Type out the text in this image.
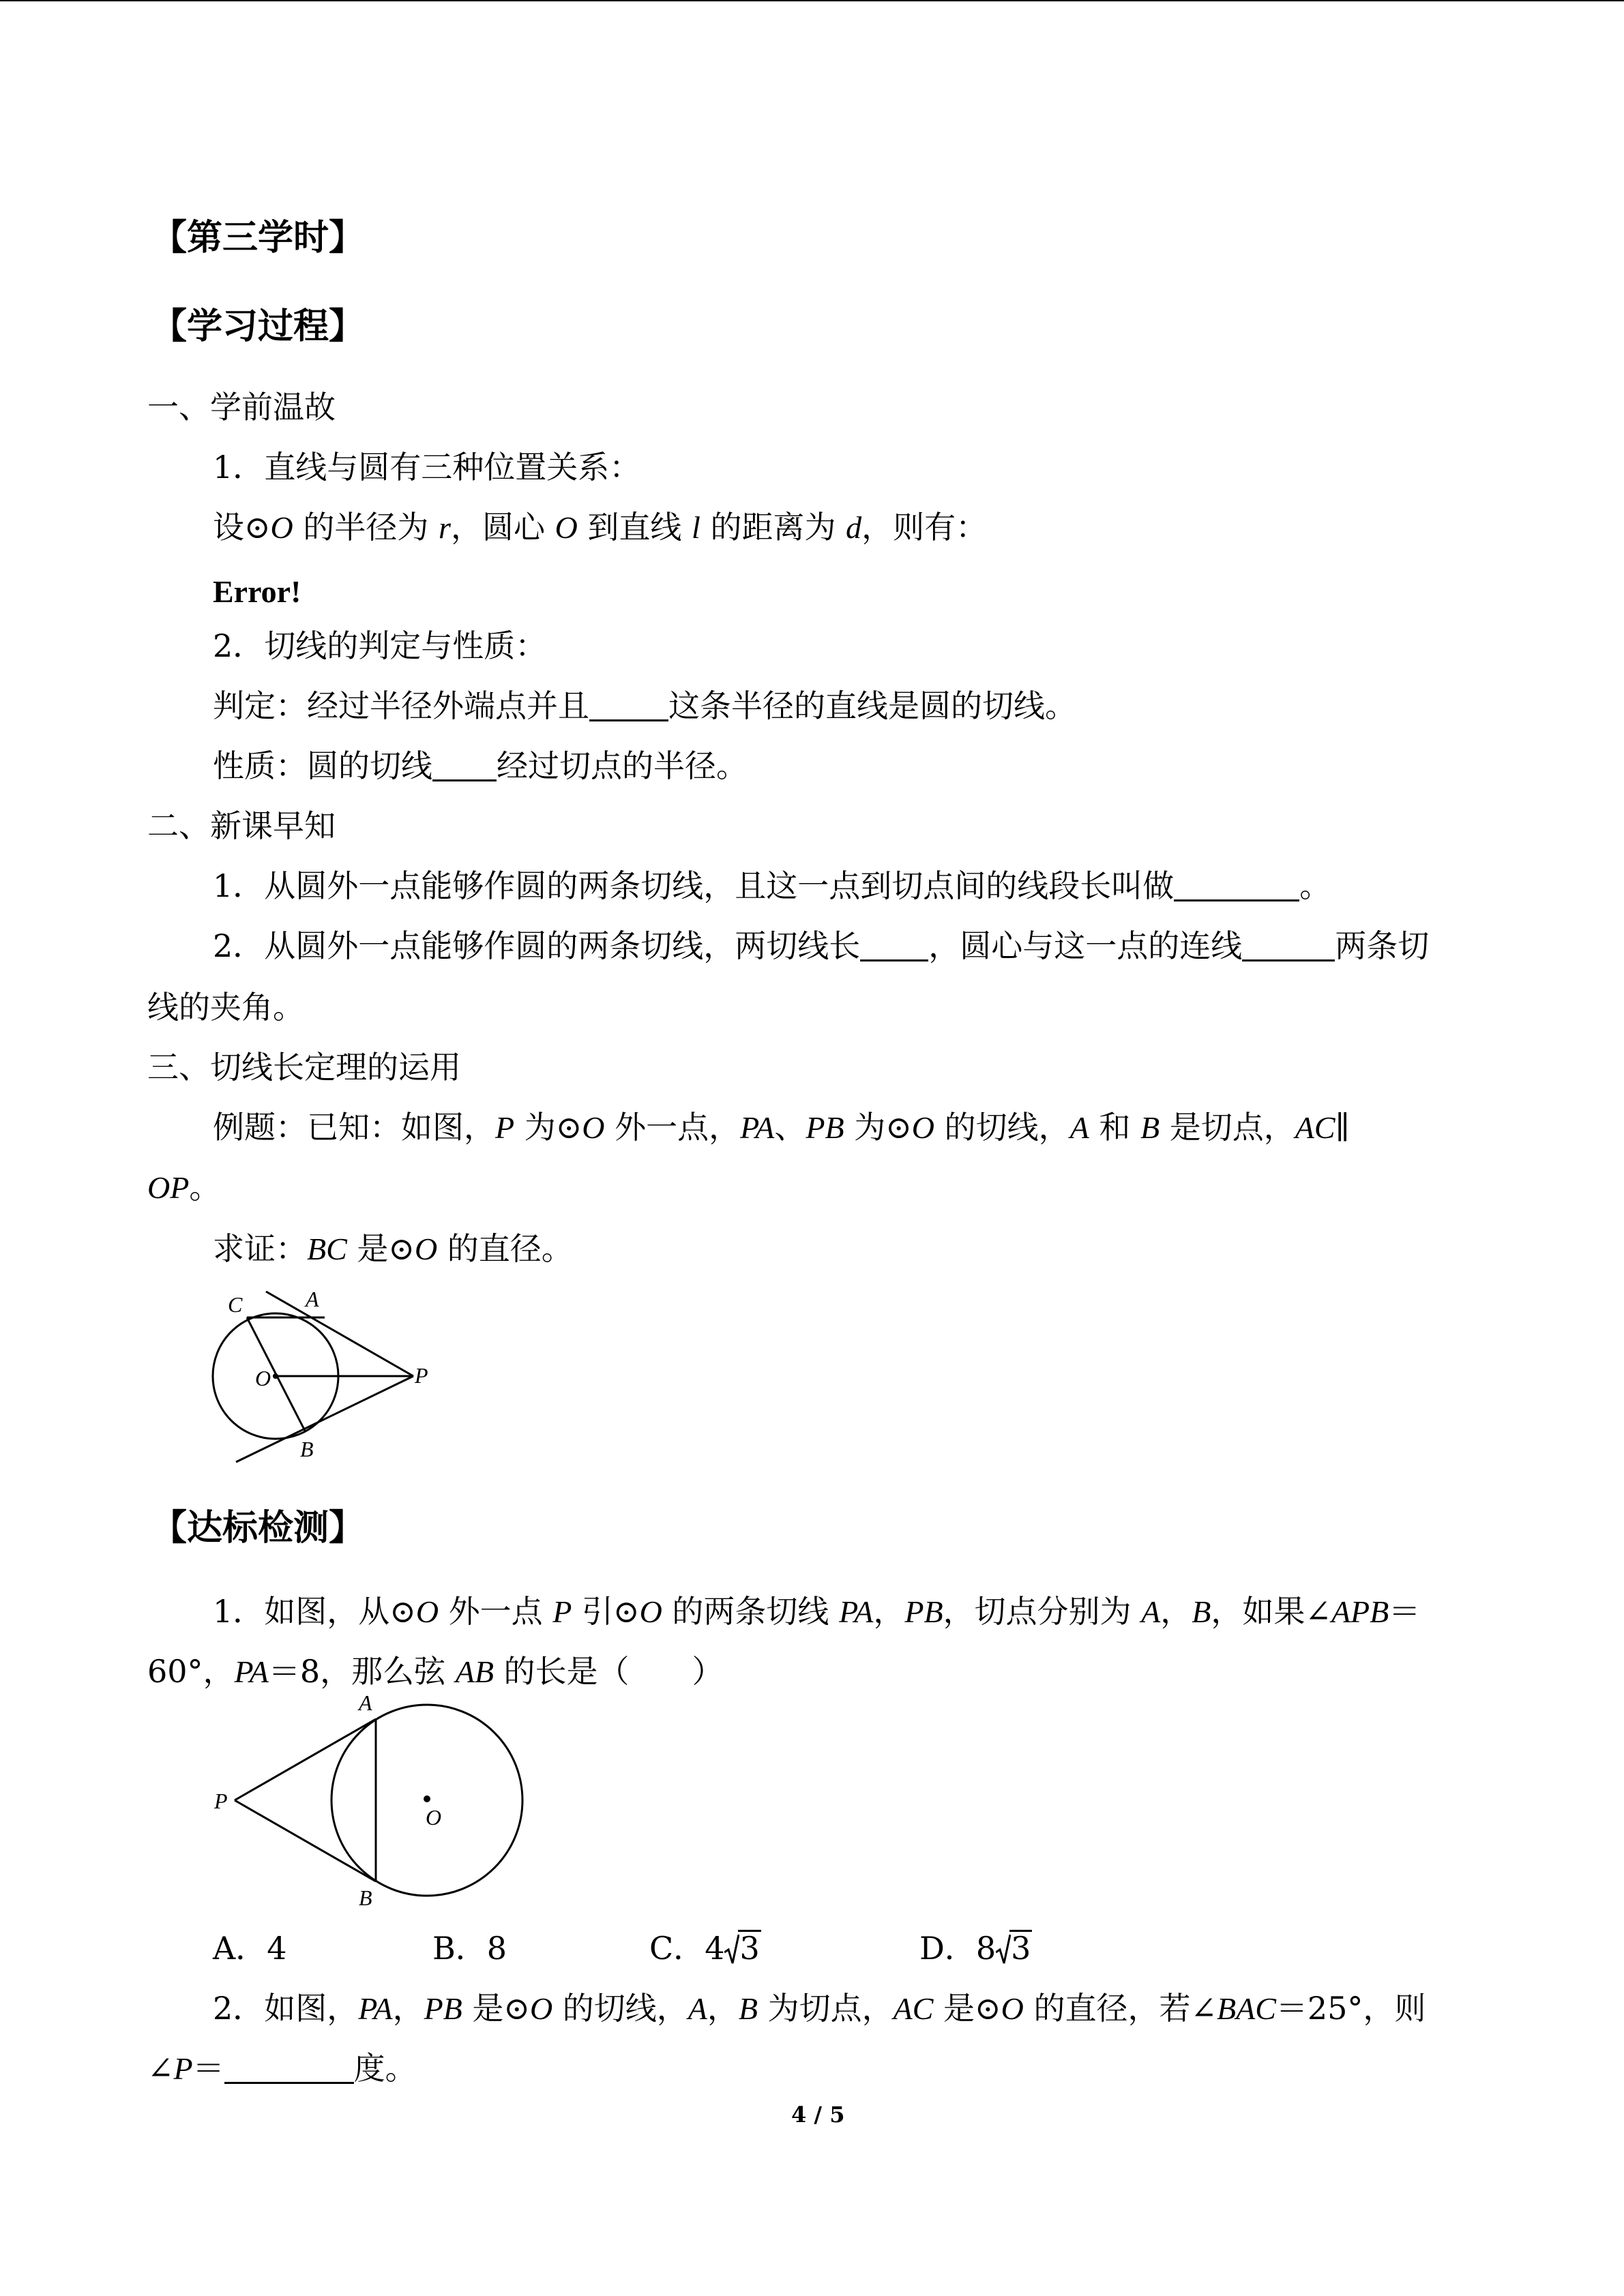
【第三学时】
【学习过程】
一、学前温故
1．直线与圆有三种位置关系：
设⊙O 的半径为 r，圆心 O 到直线 l 的距离为 d，则有：
Error!
2．切线的判定与性质：
判定：经过半径外端点并且	这条半径的直线是圆的切线。
性质：圆的切线 经过切点的半径。
二、新课早知
1．从圆外一点能够作圆的两条切线，且这一点到切点间的线段长叫做	。
2．从圆外一点能够作圆的两条切线，两切线长 ，圆心与这一点的连线	两条切
线的夹角。
三、切线长定理的运用
例题：已知：如图，P 为⊙O 外一点，PA、PB 为⊙O 的切线，A 和 B 是切点，AC∥
OP。
求证：BC 是⊙O 的直径。
C	A
O	P
B
【达标检测】
1．如图，从⊙O 外一点 P 引⊙O 的两条切线 PA，PB，切点分别为 A，B，如果∠APB＝
60°，PA＝8，那么弦 AB 的长是（　　）
A
P
O
B
A．4	B．8	C．4 3	D．8 3
2．如图，PA，PB 是⊙O 的切线，A，B 为切点，AC 是⊙O 的直径，若∠BAC＝25°，则
∠P＝	度。
4 / 5
